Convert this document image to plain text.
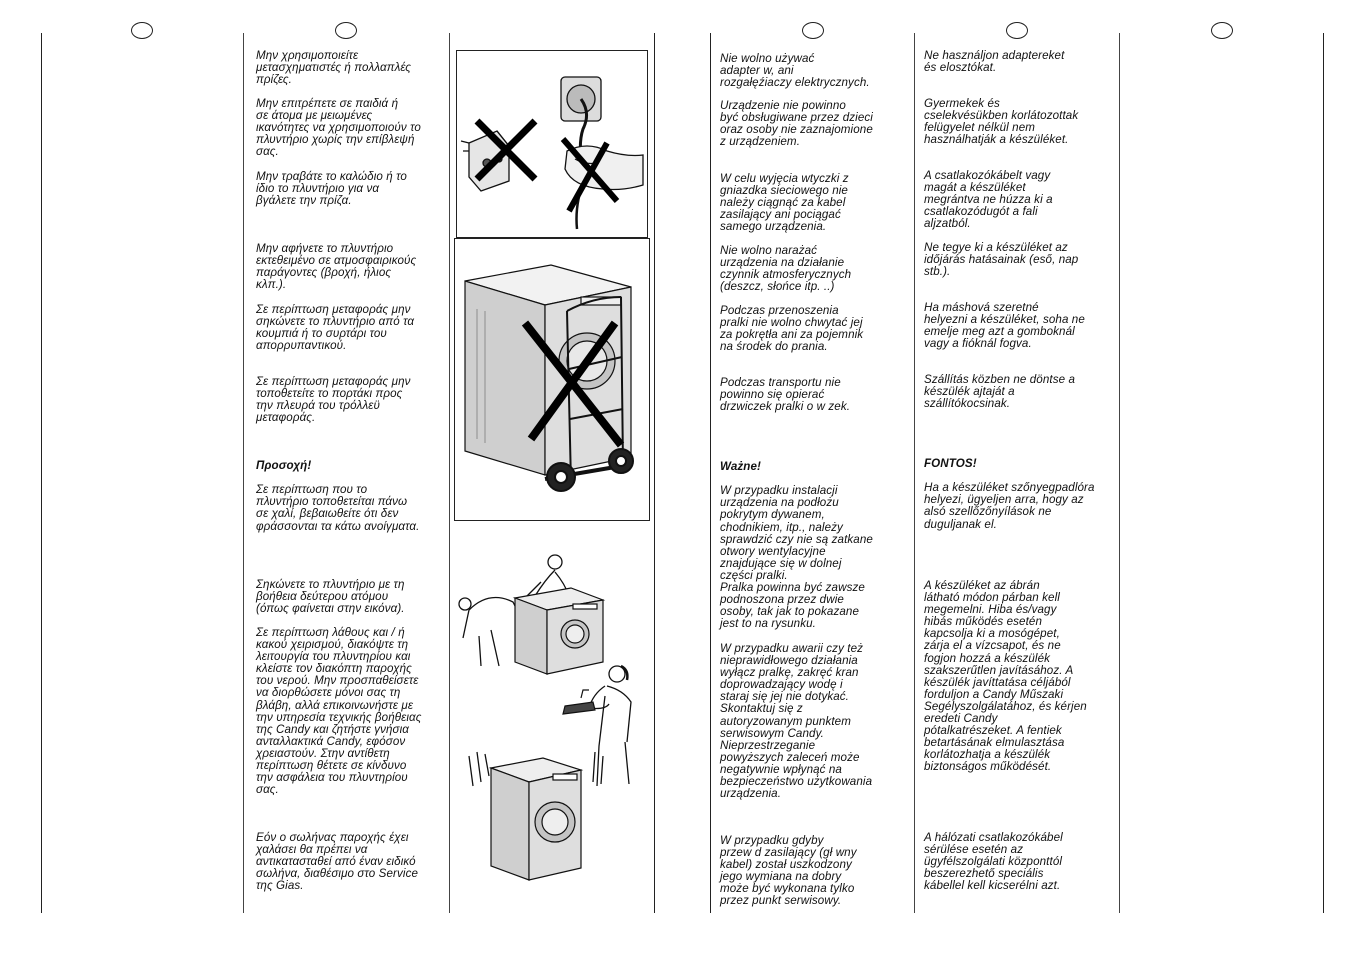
Μην χρησιμοποιείτε
μετασχηματιστές ή πολλαπλές
πρίζες.
Μην επιτρέπετε σε παιδιά ή
σε άτομα με μειωμένες
ικανότητες να χρησιμοποιούν το
πλυντήριο χωρίς την επίβλεψή
σας.
Μην τραβάτε το καλώδιο ή το
ίδιο το πλυντήριο για να
βγάλετε την πρίζα.
Μην αφήνετε το πλυντήριο
εκτεθειμένο σε ατμοσφαιρικούς
παράγοντες (βροχή, ήλιος
κλπ.).
Σε περίπτωση μεταφοράς μην
σηκώνετε το πλυντήριο από τα
κουμπιά ή το συρτάρι του
απορρυπαντικού.
Σε περίπτωση μεταφοράς μην
τοποθετείτε το πορτάκι προς
την πλευρά του τρόλλεϋ
μεταφοράς.

Προσοχή!

Σε περίπτωση που το
πλυντήριο τοποθετείται πάνω
σε χαλί, βεβαιωθείτε ότι δεν
φράσσονται τα κάτω ανοίγματα.

Σηκώνετε το πλυντήριο με τη
βοήθεια δεύτερου ατόμου
(όπως φαίνεται στην εικόνα).
Σε περίπτωση λάθους και / ή
κακού χειρισμού, διακόψτε τη
λειτουργία του πλυντηρίου και
κλείστε τον διακόπτη παροχής
του νερού. Μην προσπαθείσετε
να διορθώσετε μόνοι σας τη
βλάβη, αλλά επικοινωνήστε με
την υπηρεσία τεχνικής βοήθειας
της Candy και ζητήστε γνήσια
ανταλλακτικά Candy, εφόσον
χρειαστούν. Στην αντίθετη
περίπτωση θέτετε σε κίνδυνο
την ασφάλεια του πλυντηρίου
σας.
Εόν ο σωλήνας παροχής έχει
χαλάσει θα πρέπει να
αντικατασταθεί από έναν ειδικό
σωλήνα, διαθέσιμο στο Service
της Gias.
Nie wolno używać
adapter w, ani
rozgałęźiaczy elektrycznych.
Urządzenie nie powinno
być obsługiwane przez dzieci
oraz osoby nie zaznajomione
z urządzeniem.
W celu wyjęcia wtyczki z
gniazdka sieciowego nie
należy ciągnąć za kabel
zasilający ani pociągać
samego urządzenia.
Nie wolno narażać
urządzenia na działanie
czynnik atmosferycznych
(deszcz, słońce itp. ..)
Podczas przenoszenia
pralki nie wolno chwytać jej
za pokrętła ani za pojemnik
na środek do prania.
Podczas transportu nie
powinno się opierać
drzwiczek pralki o w zek.

Ważne!

W przypadku instalacji
urządzenia na podłożu
pokrytym dywanem,
chodnikiem, itp., należy
sprawdzić czy nie są zatkane
otwory wentylacyjne
znajdujące się w dolnej
części pralki.

Pralka powinna być zawsze
podnoszona przez dwie
osoby, tak jak to pokazane
jest to na rysunku.
W przypadku awarii czy też
nieprawidłowego działania
wyłącz pralkę, zakręć kran
doprowadzający wodę i
staraj się jej nie dotykać.
Skontaktuj się z
autoryzowanym punktem
serwisowym Candy.
Nieprzestrzeganie
powyższych zaleceń może
negatywnie wpłynąć na
bezpieczeństwo użytkowania
urządzenia.
W przypadku gdyby
przew d zasilający (gł wny
kabel) został uszkodzony
jego wymiana na dobry
może być wykonana tylko
przez punkt serwisowy.
Ne használjon adaptereket
és elosztókat.
Gyermekek és
cselekvésükben korlátozottak
felügyelet nélkül nem
használhatják a készüléket.
A csatlakozókábelt vagy
magát a készüléket
megrántva ne húzza ki a
csatlakozódugót a fali
aljzatból.
Ne tegye ki a készüléket az
időjárás hatásainak (eső, nap
stb.).
Ha máshová szeretné
helyezni a készüléket, soha ne
emelje meg azt a gomboknál
vagy a fióknál fogva.
Szállítás közben ne döntse a
készülék ajtaját a
szállítókocsinak.

FONTOS!

Ha a készüléket szőnyegpadlóra
helyezi, ügyeljen arra, hogy az
alsó szellőzőnyílások ne
dugulјanak el.

A készüléket az ábrán
látható módon párban kell
megemelni. Hiba és/vagy
hibás működés esetén
kapcsolja ki a mosógépet,
zárja el a vízcsapot, és ne
fogjon hozzá a készülék
szakszerűtlen javításához. A
készülék javíttatása céljából
forduljon a Candy Műszaki
Segélyszolgálatához, és kérjen
eredeti Candy
pótalkatrészeket. A fentiek
betartásának elmulasztása
korlátozhatja a készülék
biztonságos működését.
A hálózati csatlakozókábel
sérülése esetén az
ügyfélszolgálati központtól
beszerezhető speciális
kábellel kell kicserélni azt.
